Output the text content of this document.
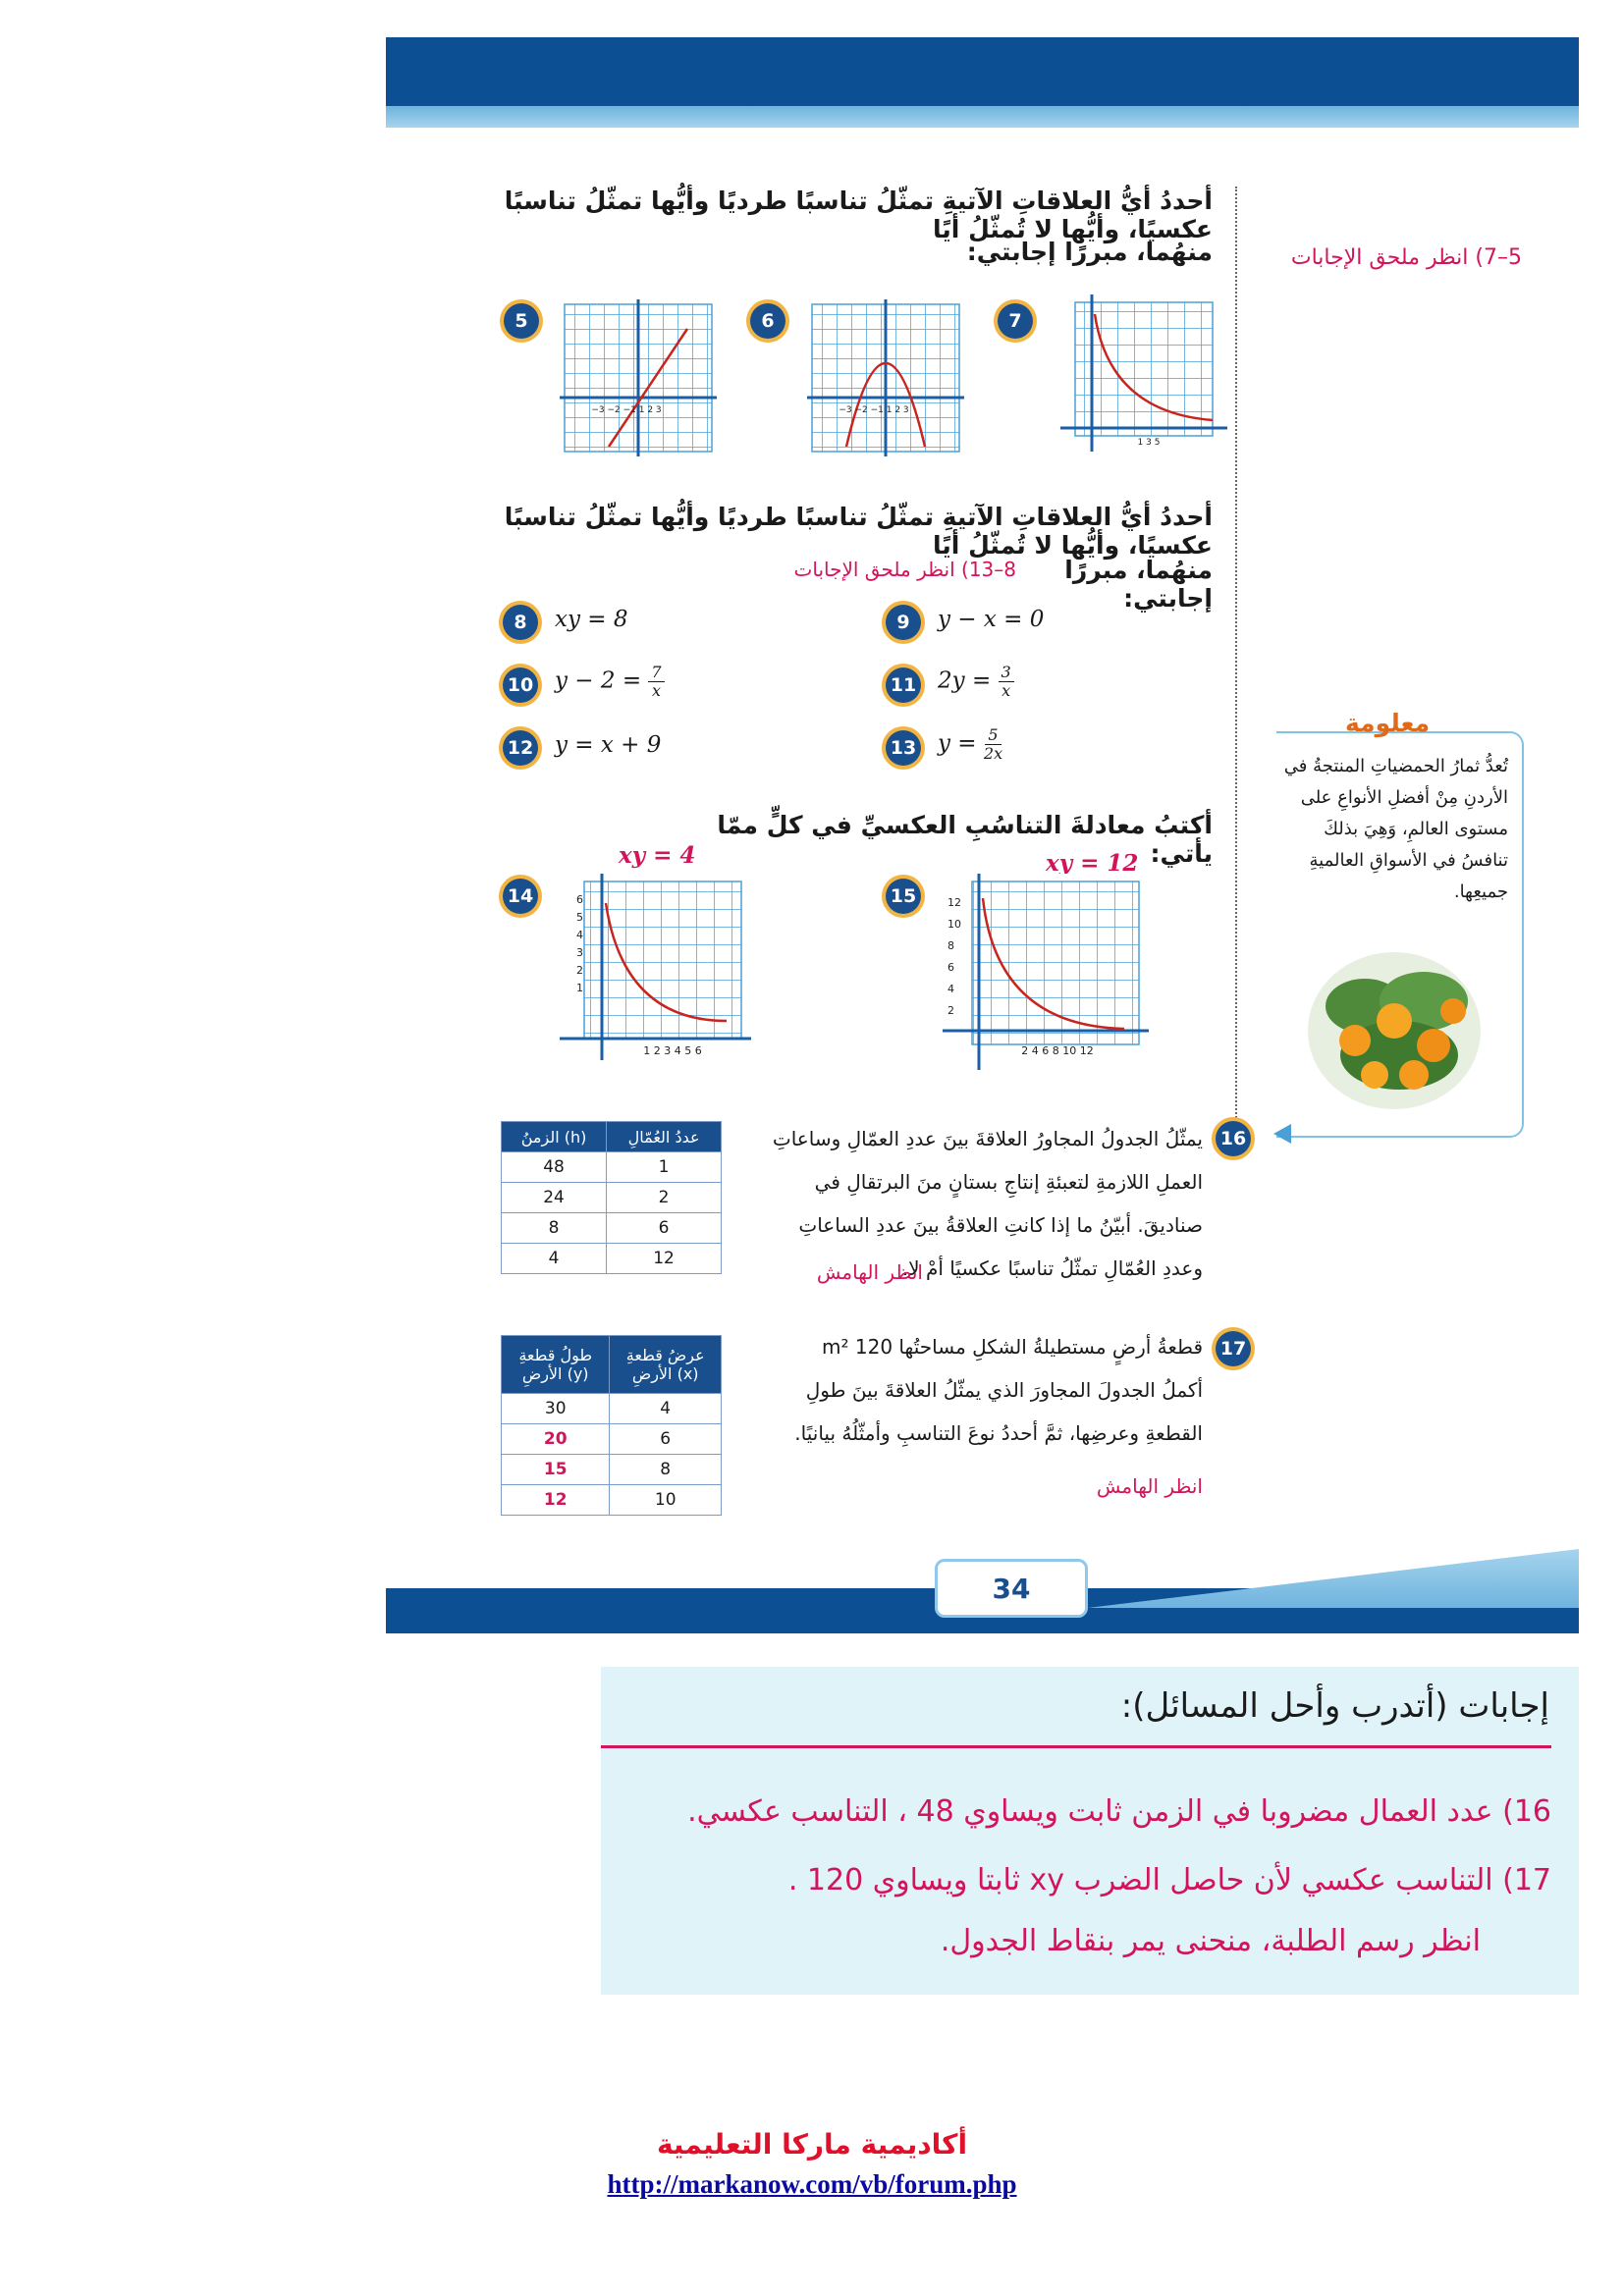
5–7) انظر ملحق الإجابات
أحددُ أيُّ العلاقاتِ الآتيةِ تمثّلُ تناسبًا طرديًا وأيُّها تمثّلُ تناسبًا عكسيًا، وأيُّها لا تُمثّلُ أيًا
منهُما، مبررًا إجابتي:
5
−3 −2 −1 1 2 3
6
−3 −2 −1 1 2 3
7
1 3 5
أحددُ أيُّ العلاقاتِ الآتيةِ تمثّلُ تناسبًا طرديًا وأيُّها تمثّلُ تناسبًا عكسيًا، وأيُّها لا تُمثّلُ أيًا
منهُما، مبررًا إجابتي:
8–13) انظر ملحق الإجابات
8	xy = 8	9	y − x = 0
10 $y - 2 = \frac{7}{x}$	11 $2y = \frac{3}{x}$
12 y = x + 9	13 $y = \frac{5}{2x}$
أكتبُ معادلةَ التناسُبِ العكسيِّ في كلٍّ ممّا يأتي:
14
xy = 4
1 2 3 4 5 6
6
5
4
3
2
1
15
xy = 12
2 4 6 8 10 12
12
10
8
6
4
2
معلومة
تُعدُّ ثمارُ الحمضياتِ المنتجةُ في الأردنِ مِنْ أفضلِ الأنواعِ على مستوى العالمِ، وَهِيَ بذلكَ تنافسُ في الأسواقِ العالميةِ جميعِها.
16
يمثّلُ الجدولُ المجاورُ العلاقةَ بينَ عددِ العمّالِ وساعاتِ العملِ اللازمةِ لتعبئةِ إنتاجِ بستانٍ منَ البرتقالِ في صناديقَ. أبيّنُ ما إذا كانتِ العلاقةُ بينَ عددِ الساعاتِ وعددِ العُمّالِ تمثّلُ تناسبًا عكسيًا أمْ لا.
انظر الهامش
الزمنُ (h)	عددُ العُمّالِ
48	1
24	2
8	6
4	12
17
قطعةُ أرضٍ مستطيلةُ الشكلِ مساحتُها 120 m²
أكملُ الجدولَ المجاورَ الذي يمثّلُ العلاقةَ بينَ طولِ القطعةِ وعرضِها، ثمَّ أحددُ نوعَ التناسبِ وأمثّلُهُ بيانيًا.
انظر الهامش
طولُ قطعةِ الأرضِ (y)	عرضُ قطعةِ الأرضِ (x)
30	4
20	6
15	8
12	10
34
إجابات (أتدرب وأحل المسائل):
16) عدد العمال مضروبا في الزمن ثابت ويساوي 48 ، التناسب عكسي.
17) التناسب عكسي لأن حاصل الضرب xy ثابتا ويساوي 120 .
انظر رسم الطلبة، منحنى يمر بنقاط الجدول.
أكاديمية ماركا التعليمية
http://markanow.com/vb/forum.php
